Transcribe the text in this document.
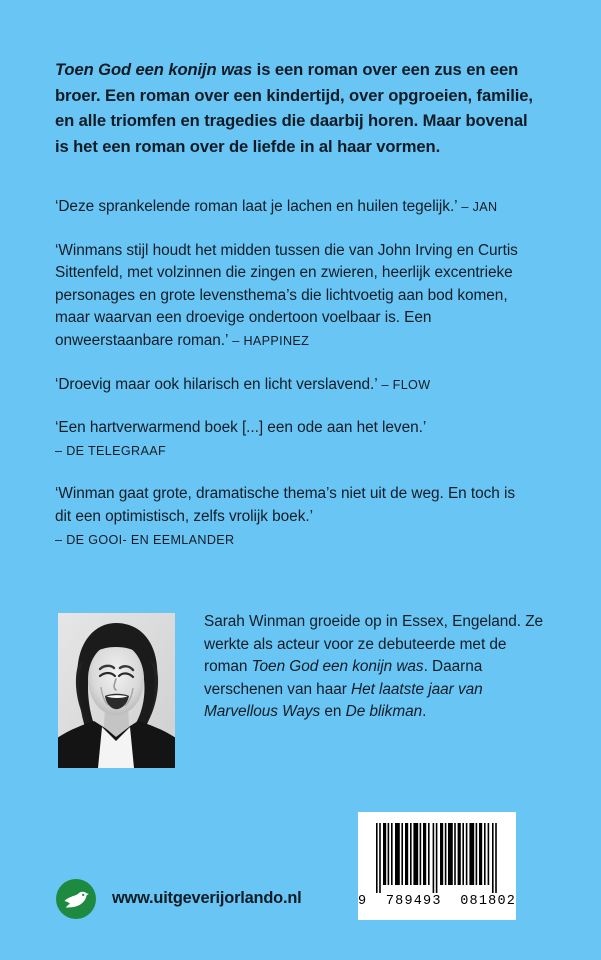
Toen God een konijn was is een roman over een zus en een broer. Een roman over een kindertijd, over opgroeien, familie, en alle triomfen en tragedies die daarbij horen. Maar bovenal is het een roman over de liefde in al haar vormen.
‘Deze sprankelende roman laat je lachen en huilen tegelijk.’ – JAN
‘Winmans stijl houdt het midden tussen die van John Irving en Curtis Sittenfeld, met volzinnen die zingen en zwieren, heerlijk excentrieke personages en grote levensthema’s die lichtvoetig aan bod komen, maar waarvan een droevige ondertoon voelbaar is. Een onweerstaanbare roman.’ – HAPPINEZ
‘Droevig maar ook hilarisch en licht verslavend.’ – FLOW
‘Een hartverwarmend boek [...] een ode aan het leven.’
– DE TELEGRAAF
‘Winman gaat grote, dramatische thema’s niet uit de weg. En toch is dit een optimistisch, zelfs vrolijk boek.’
– DE GOOI- EN EEMLANDER
Sarah Winman groeide op in Essex, Engeland. Ze werkte als acteur voor ze debuteerde met de roman Toen God een konijn was. Daarna verschenen van haar Het laatste jaar van Marvellous Ways en De blikman.
9  789493  081802
www.uitgeverijorlando.nl
